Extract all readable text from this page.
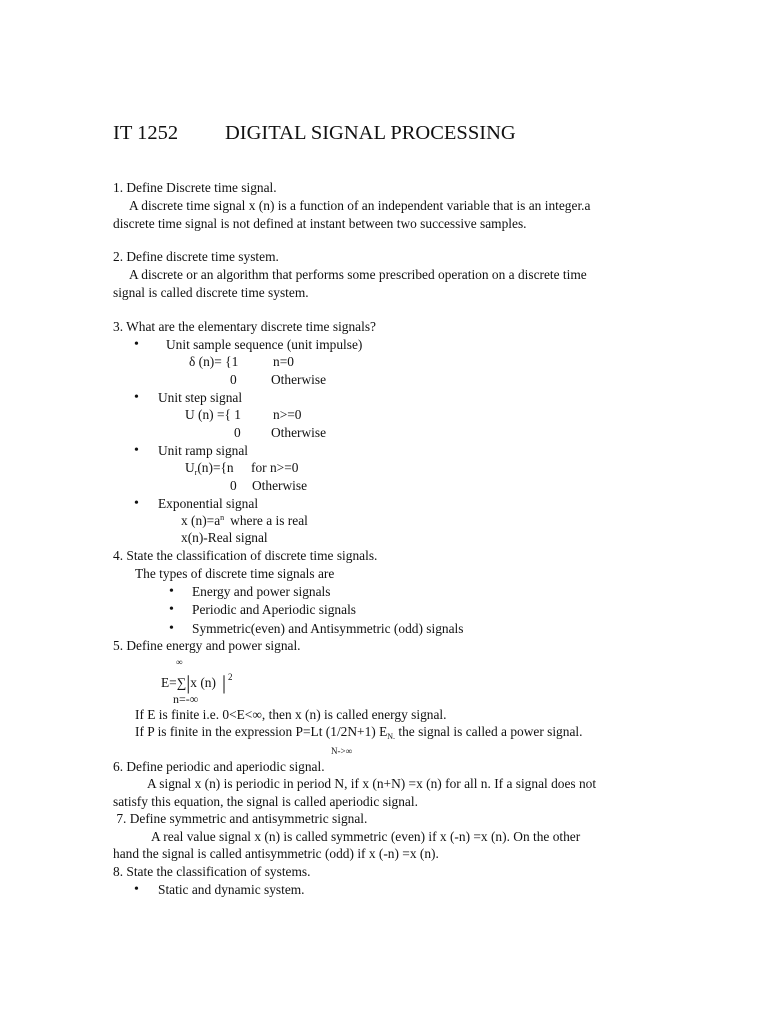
IT 1252 DIGITAL SIGNAL PROCESSING
1. Define Discrete time signal.
A discrete time signal x (n) is a function of an independent variable that is an integer.a
discrete time signal is not defined at instant between two successive samples.
2. Define discrete time system.
A discrete or an algorithm that performs some prescribed operation on a discrete time
signal is called discrete time system.
3. What are the elementary discrete time signals?
• Unit sample sequence (unit impulse)
δ (n)= {1	n=0
0	Otherwise
• Unit step signal
U (n) ={ 1 n>=0
0 Otherwise
• Unit ramp signal
$U_r(n)=\{n$ for n>=0
0 Otherwise
• Exponential signal
x $(n)=a^n$ where a is real
x(n)-Real signal
4. State the classification of discrete time signals.
The types of discrete time signals are
• Energy and power signals
• Periodic and Aperiodic signals
• Symmetric(even) and Antisymmetric (odd) signals
5. Define energy and power signal.
∞
E=∑|x (n) | $^2$
n=-∞
If E is finite i.e. 0<E<∞, then x (n) is called energy signal.
If P is finite in the expression P=Lt (1/2N+1) $E_{N.}$ the signal is called a power signal.
N->∞
6. Define periodic and aperiodic signal.
A signal x (n) is periodic in period N, if x (n+N) =x (n) for all n. If a signal does not
satisfy this equation, the signal is called aperiodic signal.
7. Define symmetric and antisymmetric signal.
A real value signal x (n) is called symmetric (even) if x (-n) =x (n). On the other
hand the signal is called antisymmetric (odd) if x (-n) =x (n).
8. State the classification of systems.
• Static and dynamic system.
